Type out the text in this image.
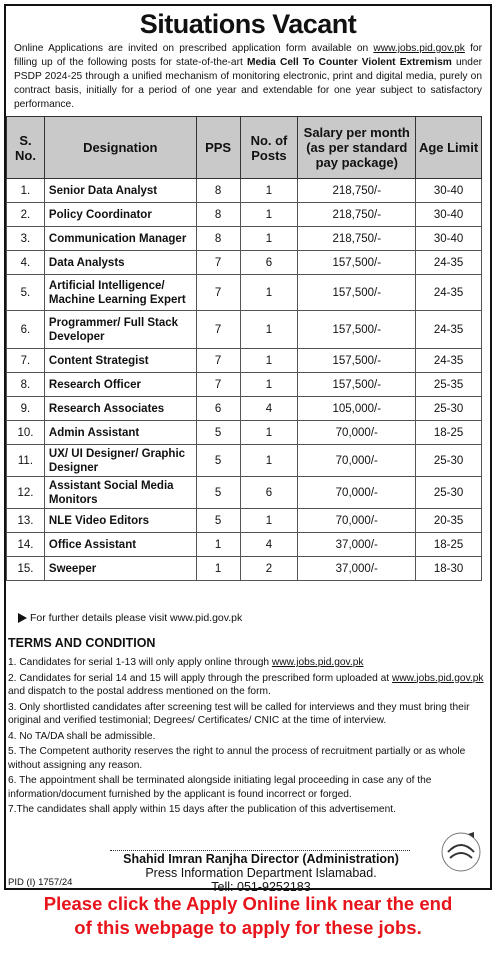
Situations Vacant

Online Applications are invited on prescribed application form available on www.jobs.pid.gov.pk for filling up of the following posts for state-of-the-art Media Cell To Counter Violent Extremism under PSDP 2024-25 through a unified mechanism of monitoring electronic, print and digital media, purely on contract basis, initially for a period of one year and extendable for one year subject to satisfactory performance.

S. No.	Designation	PPS	No. of Posts	Salary per month (as per standard pay package)	Age Limit
1.	Senior Data Analyst	8	1	218,750/-	30-40
2.	Policy Coordinator	8	1	218,750/-	30-40
3.	Communication Manager	8	1	218,750/-	30-40
4.	Data Analysts	7	6	157,500/-	24-35
5.	Artificial Intelligence/ Machine Learning Expert	7	1	157,500/-	24-35
6.	Programmer/ Full Stack Developer	7	1	157,500/-	24-35
7.	Content Strategist	7	1	157,500/-	24-35
8.	Research Officer	7	1	157,500/-	25-35
9.	Research Associates	6	4	105,000/-	25-30
10.	Admin Assistant	5	1	70,000/-	18-25
11.	UX/ UI Designer/ Graphic Designer	5	1	70,000/-	25-30
12.	Assistant Social Media Monitors	5	6	70,000/-	25-30
13.	NLE Video Editors	5	1	70,000/-	20-35
14.	Office Assistant	1	4	37,000/-	18-25
15.	Sweeper	1	2	37,000/-	18-30
For further details please visit www.pid.gov.pk
TERMS AND CONDITION
1. Candidates for serial 1-13 will only apply online through www.jobs.pid.gov.pk
2. Candidates for serial 14 and 15 will apply through the prescribed form uploaded at www.jobs.pid.gov.pk and dispatch to the postal address mentioned on the form.
3. Only shortlisted candidates after screening test will be called for interviews and they must bring their original and verified testimonial; Degrees/ Certificates/ CNIC at the time of interview.
4. No TA/DA shall be admissible.
5. The Competent authority reserves the right to annul the process of recruitment partially or as whole without assigning any reason.
6. The appointment shall be terminated alongside initiating legal proceeding in case any of the information/document furnished by the applicant is found incorrect or forged.
7.The candidates shall apply within 15 days after the publication of this advertisement.
Shahid Imran Ranjha Director (Administration)
Press Information Department Islamabad.
Tell: 051-9252183
PID (I) 1757/24
Please click the Apply Online link near the end
of this webpage to apply for these jobs.
